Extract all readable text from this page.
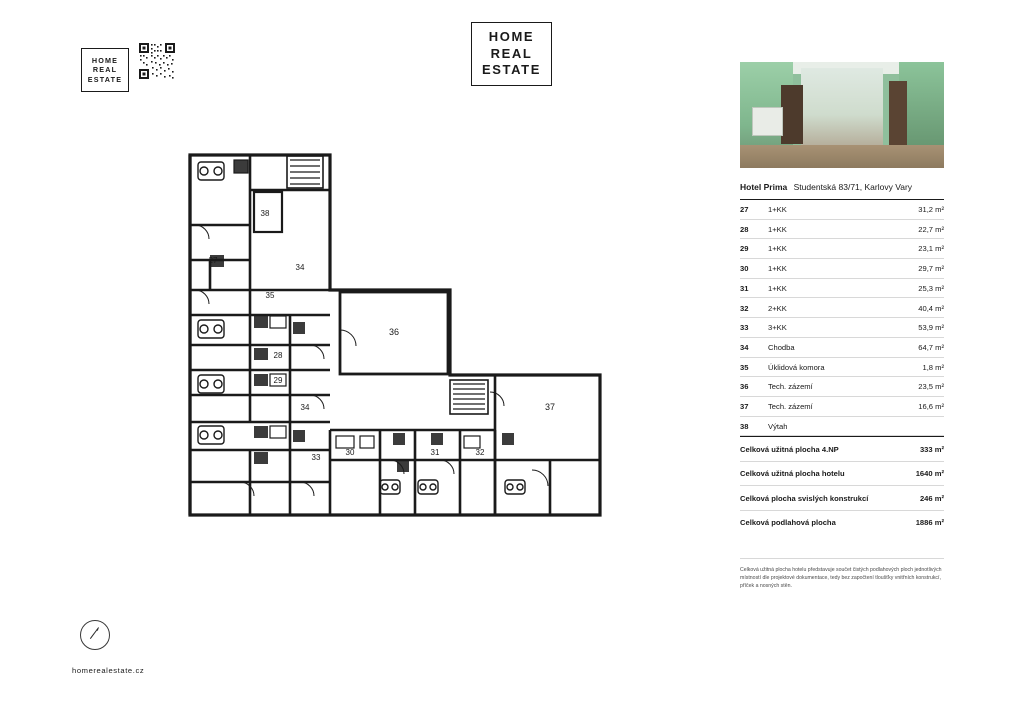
HOME
REAL
ESTATE
HOME
REAL
ESTATE
27
38
34
35
28
29
34
36
37
33
30	31	32
Hotel Prima Studentská 83/71, Karlovy Vary
27	1+KK	31,2 m²
28	1+KK	22,7 m²
29	1+KK	23,1 m²
30	1+KK	29,7 m²
31	1+KK	25,3 m²
32	2+KK	40,4 m²
33	3+KK	53,9 m²
34	Chodba	64,7 m²
35	Úklidová komora	1,8 m²
36	Tech. zázemí	23,5 m²
37	Tech. zázemí	16,6 m²
38	Výtah	
Celková užitná plocha 4.NP	333 m²
Celková užitná plocha hotelu	1640 m²
Celková plocha svislých konstrukcí	246 m²
Celková podlahová plocha	1886 m²
Celková užitná plocha hotelu představuje součet čistých podlahových ploch jednotlivých místností dle projektové dokumentace, tedy bez započtení tloušťky vnitřních konstrukcí, příček a nosných stěn.
homerealestate.cz
